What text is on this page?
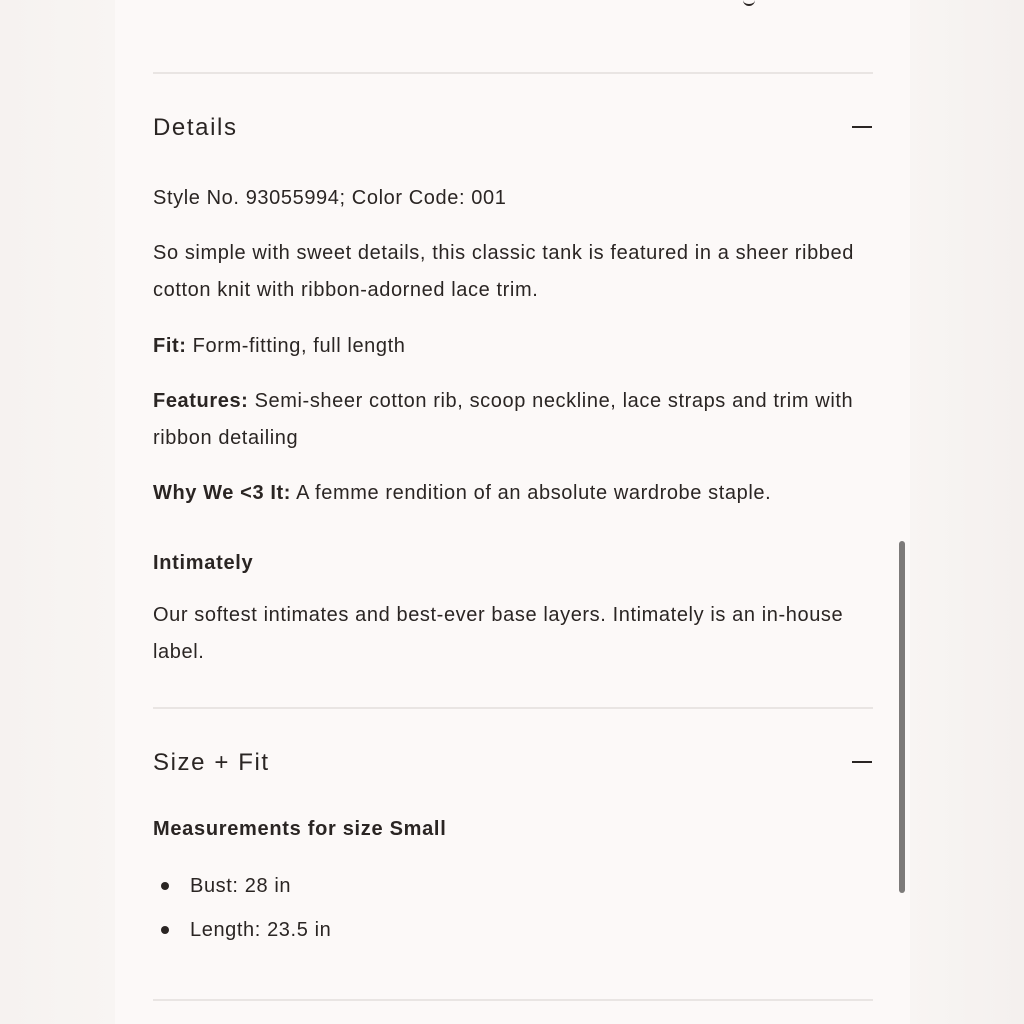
Details
Style No. 93055994; Color Code: 001
So simple with sweet details, this classic tank is featured in a sheer ribbed cotton knit with ribbon-adorned lace trim.
Fit: Form-fitting, full length
Features: Semi-sheer cotton rib, scoop neckline, lace straps and trim with ribbon detailing
Why We <3 It: A femme rendition of an absolute wardrobe staple.
Intimately
Our softest intimates and best-ever base layers. Intimately is an in-house label.
Size + Fit
Measurements for size Small
Bust: 28 in
Length: 23.5 in
